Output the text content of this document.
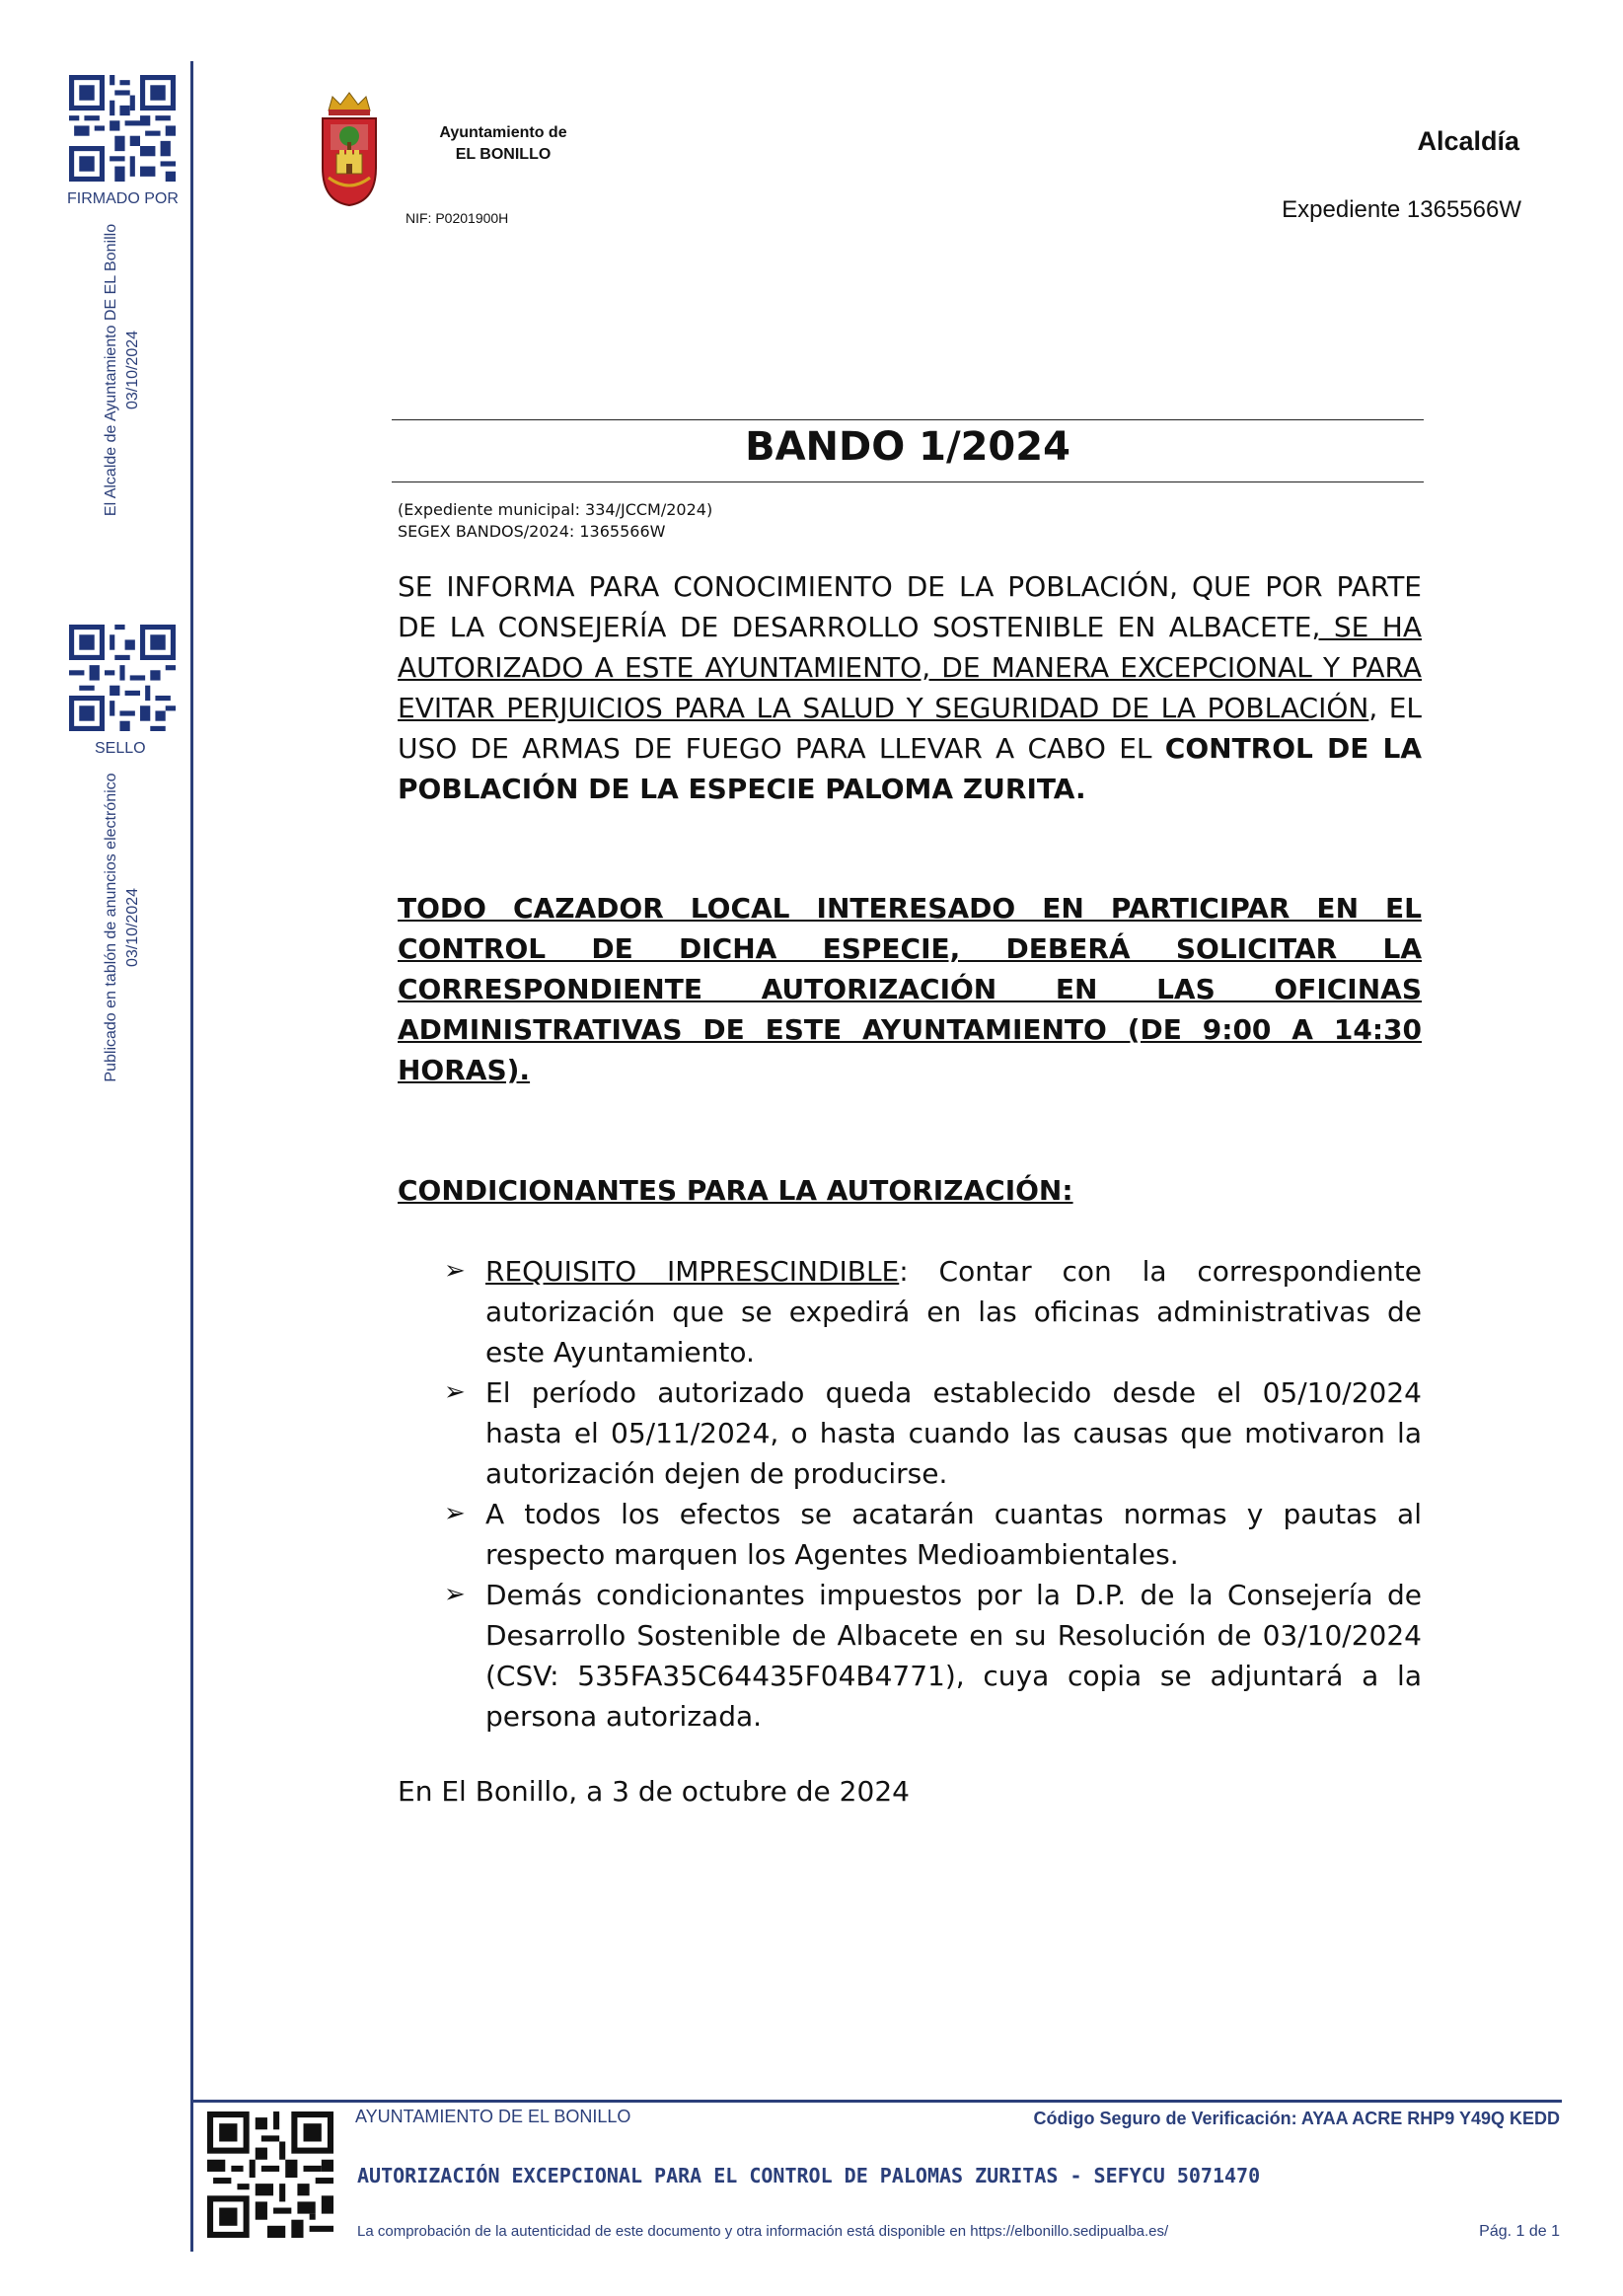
FIRMADO POR
El Alcalde de Ayuntamiento DE EL Bonillo 03/10/2024
SELLO
Publicado en tablón de anuncios electrónico 03/10/2024
Ayuntamiento de
EL BONILLO
NIF: P0201900H
Alcaldía
Expediente 1365566W
BANDO 1/2024
(Expediente municipal: 334/JCCM/2024)
SEGEX BANDOS/2024: 1365566W
SE INFORMA PARA CONOCIMIENTO DE LA POBLACIÓN, QUE POR PARTE DE LA CONSEJERÍA DE DESARROLLO SOSTENIBLE EN ALBACETE, SE HA AUTORIZADO A ESTE AYUNTAMIENTO, DE MANERA EXCEPCIONAL Y PARA EVITAR PERJUICIOS PARA LA SALUD Y SEGURIDAD DE LA POBLACIÓN, EL USO DE ARMAS DE FUEGO PARA LLEVAR A CABO EL CONTROL DE LA POBLACIÓN DE LA ESPECIE PALOMA ZURITA.
TODO CAZADOR LOCAL INTERESADO EN PARTICIPAR EN EL CONTROL DE DICHA ESPECIE, DEBERÁ SOLICITAR LA CORRESPONDIENTE AUTORIZACIÓN EN LAS OFICINAS ADMINISTRATIVAS DE ESTE AYUNTAMIENTO (DE 9:00 A 14:30 HORAS).
CONDICIONANTES PARA LA AUTORIZACIÓN:
➢ REQUISITO IMPRESCINDIBLE: Contar con la correspondiente autorización que se expedirá en las oficinas administrativas de este Ayuntamiento.
➢ El período autorizado queda establecido desde el 05/10/2024 hasta el 05/11/2024, o hasta cuando las causas que motivaron la autorización dejen de producirse.
➢ A todos los efectos se acatarán cuantas normas y pautas al respecto marquen los Agentes Medioambientales.
➢ Demás condicionantes impuestos por la D.P. de la Consejería de Desarrollo Sostenible de Albacete en su Resolución de 03/10/2024 (CSV: 535FA35C64435F04B4771), cuya copia se adjuntará a la persona autorizada.
En El Bonillo, a 3 de octubre de 2024
AYUNTAMIENTO DE EL BONILLO	Código Seguro de Verificación: AYAA ACRE RHP9 Y49Q KEDD
AUTORIZACIÓN EXCEPCIONAL PARA EL CONTROL DE PALOMAS ZURITAS - SEFYCU 5071470
La comprobación de la autenticidad de este documento y otra información está disponible en https://elbonillo.sedipualba.es/	Pág. 1 de 1
